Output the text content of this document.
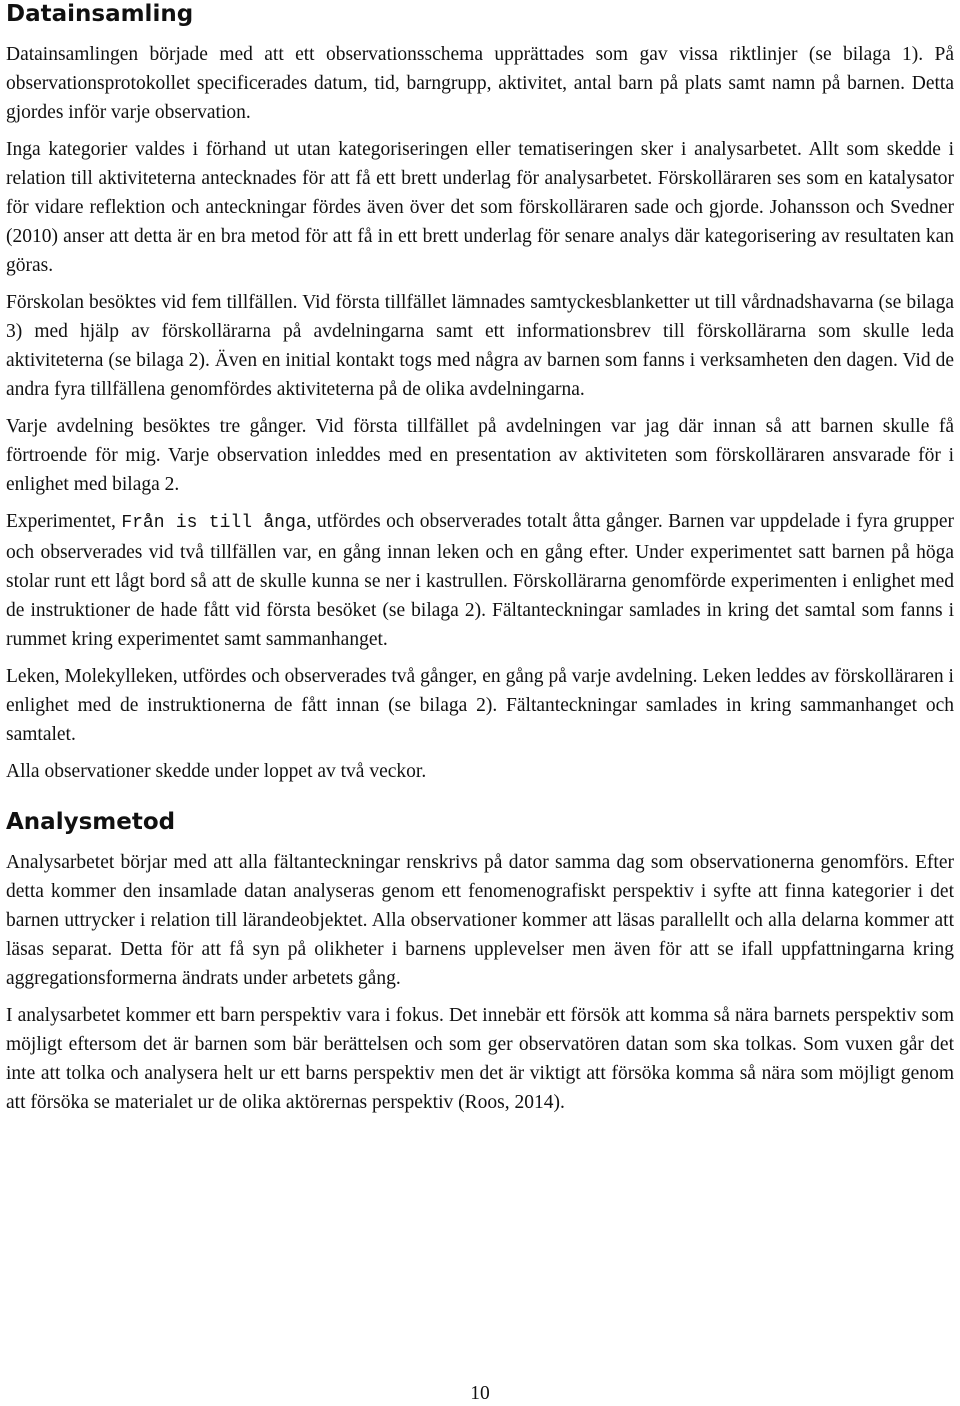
Datainsamling

Datainsamlingen började med att ett observationsschema upprättades som gav vissa riktlinjer (se bilaga 1). På observationsprotokollet specificerades datum, tid, barngrupp, aktivitet, antal barn på plats samt namn på barnen. Detta gjordes inför varje observation.

Inga kategorier valdes i förhand ut utan kategoriseringen eller tematiseringen sker i analysarbetet. Allt som skedde i relation till aktiviteterna antecknades för att få ett brett underlag för analysarbetet. Förskolläraren ses som en katalysator för vidare reflektion och anteckningar fördes även över det som förskolläraren sade och gjorde. Johansson och Svedner (2010) anser att detta är en bra metod för att få in ett brett underlag för senare analys där kategorisering av resultaten kan göras.

Förskolan besöktes vid fem tillfällen. Vid första tillfället lämnades samtyckesblanketter ut till vårdnadshavarna (se bilaga 3) med hjälp av förskollärarna på avdelningarna samt ett informationsbrev till förskollärarna som skulle leda aktiviteterna (se bilaga 2). Även en initial kontakt togs med några av barnen som fanns i verksamheten den dagen. Vid de andra fyra tillfällena genomfördes aktiviteterna på de olika avdelningarna.

Varje avdelning besöktes tre gånger. Vid första tillfället på avdelningen var jag där innan så att barnen skulle få förtroende för mig. Varje observation inleddes med en presentation av aktiviteten som förskolläraren ansvarade för i enlighet med bilaga 2.

Experimentet, Från is till ånga, utfördes och observerades totalt åtta gånger. Barnen var uppdelade i fyra grupper och observerades vid två tillfällen var, en gång innan leken och en gång efter. Under experimentet satt barnen på höga stolar runt ett lågt bord så att de skulle kunna se ner i kastrullen. Förskollärarna genomförde experimenten i enlighet med de instruktioner de hade fått vid första besöket (se bilaga 2). Fältanteckningar samlades in kring det samtal som fanns i rummet kring experimentet samt sammanhanget.

Leken, Molekylleken, utfördes och observerades två gånger, en gång på varje avdelning. Leken leddes av förskolläraren i enlighet med de instruktionerna de fått innan (se bilaga 2). Fältanteckningar samlades in kring sammanhanget och samtalet.

Alla observationer skedde under loppet av två veckor.

Analysmetod

Analysarbetet börjar med att alla fältanteckningar renskrivs på dator samma dag som observationerna genomförs. Efter detta kommer den insamlade datan analyseras genom ett fenomenografiskt perspektiv i syfte att finna kategorier i det barnen uttrycker i relation till lärandeobjektet. Alla observationer kommer att läsas parallellt och alla delarna kommer att läsas separat. Detta för att få syn på olikheter i barnens upplevelser men även för att se ifall uppfattningarna kring aggregationsformerna ändrats under arbetets gång.

I analysarbetet kommer ett barn perspektiv vara i fokus. Det innebär ett försök att komma så nära barnets perspektiv som möjligt eftersom det är barnen som bär berättelsen och som ger observatören datan som ska tolkas. Som vuxen går det inte att tolka och analysera helt ur ett barns perspektiv men det är viktigt att försöka komma så nära som möjligt genom att försöka se materialet ur de olika aktörernas perspektiv (Roos, 2014).

10
